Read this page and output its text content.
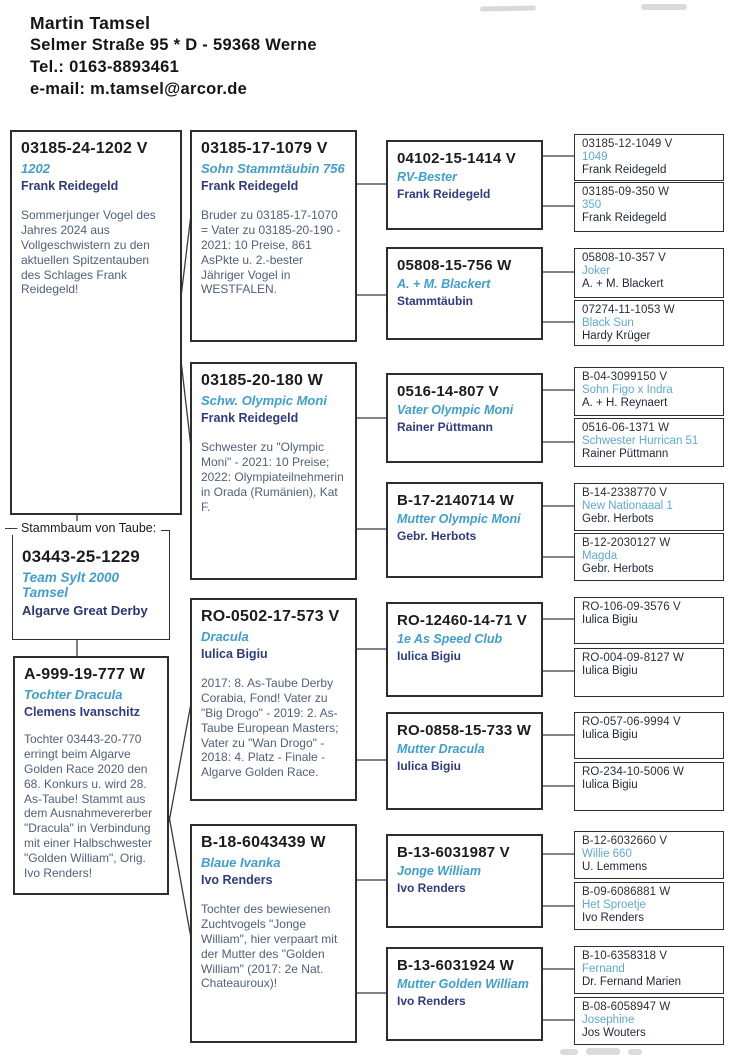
Martin Tamsel
Selmer Straße 95 * D - 59368 Werne
Tel.: 0163-8893461
e-mail: m.tamsel@arcor.de
03185-24-1202 V
1202
Frank Reidegeld
Sommerjunger Vogel des Jahres 2024 aus Vollgeschwistern zu den aktuellen Spitzentauben des Schlages Frank Reidegeld!
— Stammbaum von Taube:
03443-25-1229
Team Sylt 2000 Tamsel
Algarve Great Derby
A-999-19-777 W
Tochter Dracula
Clemens Ivanschitz
Tochter 03443-20-770 erringt beim Algarve Golden Race 2020 den 68. Konkurs u. wird 28. As-Taube! Stammt aus dem Ausnahmevererber "Dracula" in Verbindung mit einer Halbschwester "Golden William", Orig. Ivo Renders!
03185-17-1079 V
Sohn Stammtäubin 756
Frank Reidegeld
Bruder zu 03185-17-1070 = Vater zu 03185-20-190 - 2021: 10 Preise, 861 AsPkte u. 2.-bester Jähriger Vogel in WESTFALEN.
03185-20-180 W
Schw. Olympic Moni
Frank Reidegeld
Schwester zu "Olympic Moni" - 2021: 10 Preise; 2022: Olympiateilnehmerin in Orada (Rumänien), Kat F.
RO-0502-17-573 V
Dracula
Iulica Bigiu
2017: 8. As-Taube Derby Corabia, Fond! Vater zu "Big Drogo" - 2019: 2. As-Taube European Masters; Vater zu "Wan Drogo" - 2018: 4. Platz - Finale - Algarve Golden Race.
B-18-6043439 W
Blaue Ivanka
Ivo Renders
Tochter des bewiesenen Zuchtvogels "Jonge William", hier verpaart mit der Mutter des "Golden William" (2017: 2e Nat. Chateauroux)!
04102-15-1414 V
RV-Bester
Frank Reidegeld
05808-15-756 W
A. + M. Blackert
Stammtäubin
0516-14-807 V
Vater Olympic Moni
Rainer Püttmann
B-17-2140714 W
Mutter Olympic Moni
Gebr. Herbots
RO-12460-14-71 V
1e As Speed Club
Iulica Bigiu
RO-0858-15-733 W
Mutter Dracula
Iulica Bigiu
B-13-6031987 V
Jonge William
Ivo Renders
B-13-6031924 W
Mutter Golden William
Ivo Renders
03185-12-1049 V
1049
Frank Reidegeld
03185-09-350 W
350
Frank Reidegeld
05808-10-357 V
Joker
A. + M. Blackert
07274-11-1053 W
Black Sun
Hardy Krüger
B-04-3099150 V
Sohn Figo x Indra
A. + H. Reynaert
0516-06-1371 W
Schwester Hurrican 51
Rainer Püttmann
B-14-2338770 V
New Nationaaal 1
Gebr. Herbots
B-12-2030127 W
Magda
Gebr. Herbots
RO-106-09-3576 V
Iulica Bigiu
RO-004-09-8127 W
Iulica Bigiu
RO-057-06-9994 V
Iulica Bigiu
RO-234-10-5006 W
Iulica Bigiu
B-12-6032660 V
Willie 660
U. Lemmens
B-09-6086881 W
Het Sproetje
Ivo Renders
B-10-6358318 V
Fernand
Dr. Fernand Marien
B-08-6058947 W
Josephine
Jos Wouters
